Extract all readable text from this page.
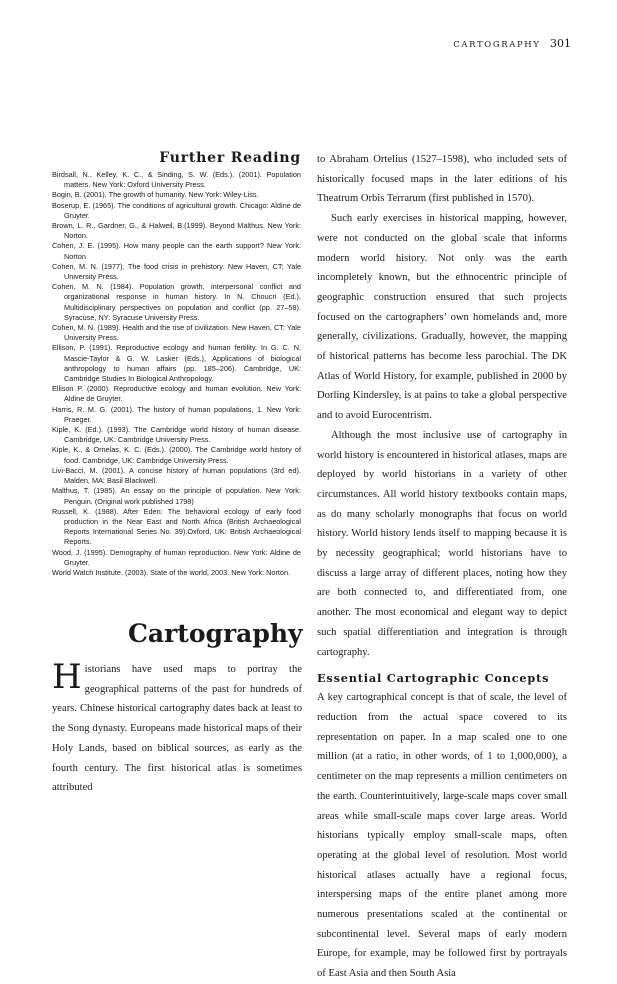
CARTOGRAPHY 301
Further Reading

Birdsall, N., Kelley, K. C., & Sinding, S. W. (Eds.). (2001). Population matters. New York: Oxford University Press.

Bogin, B. (2001). The growth of humanity. New York: Wiley-Liss.

Boserup, E. (1965). The conditions of agricultural growth. Chicago: Aldine de Gruyter.

Brown, L. R., Gardner, G., & Halweil, B.(1999). Beyond Malthus. New York: Norton.

Cohen, J. E. (1995). How many people can the earth support? New York: Norton

Cohen, M. N. (1977). The food crisis in prehistory. New Haven, CT: Yale University Press.

Cohen, M. N. (1984). Population growth, interpersonal conflict and organizational response in human history. In N. Choucri (Ed.), Multidisciplinary perspectives on population and conflict (pp. 27–58). Syracuse, NY: Syracuse University Press.

Cohen, M. N. (1989). Health and the rise of civilization. New Haven, CT: Yale University Press.

Ellison, P. (1991). Reproductive ecology and human fertility. In G. C. N. Mascie-Taylor & G. W. Lasker (Eds.), Applications of biological anthropology to human affairs (pp. 185–206). Cambridge, UK: Cambridge Studies In Biological Anthropology.

Ellison P. (2000). Reproductive ecology and human evolution. New York: Aldine de Gruyter.

Harris, R. M. G. (2001). The history of human populations, 1. New York: Praeger.

Kiple, K. (Ed.). (1993). The Cambridge world history of human disease. Cambridge, UK: Cambridge University Press.

Kiple, K., & Ornelas, K. C. (Eds.). (2000). The Cambridge world history of food. Cambridge, UK: Cambridge University Press.

Livi-Bacci, M. (2001). A concise history of human populations (3rd ed). Malden, MA: Basil Blackwell.

Malthus, T. (1985). An essay on the principle of population. New York: Penguin. (Original work published 1798)

Russell, K. (1988). After Eden: The behavioral ecology of early food production in the Near East and North Africa (British Archaeological Reports International Series No. 39).Oxford, UK: British Archaeological Reports.

Wood, J. (1995). Demography of human reproduction. New York: Aldine de Gruyter.

World Watch Institute. (2003). State of the world, 2003. New York: Norton.

Cartography

Historians have used maps to portray the geographical patterns of the past for hundreds of years. Chinese historical cartography dates back at least to the Song dynasty. Europeans made historical maps of their Holy Lands, based on biblical sources, as early as the fourth century. The first historical atlas is sometimes attributed

to Abraham Ortelius (1527–1598), who included sets of historically focused maps in the later editions of his Theatrum Orbis Terrarum (first published in 1570).

Such early exercises in historical mapping, however, were not conducted on the global scale that informs modern world history. Not only was the earth incompletely known, but the ethnocentric principle of geographic construction ensured that such projects focused on the cartographers’ own homelands and, more generally, civilizations. Gradually, however, the mapping of historical patterns has become less parochial. The DK Atlas of World History, for example, published in 2000 by Dorling Kindersley, is at pains to take a global perspective and to avoid Eurocentrism.

Although the most inclusive use of cartography in world history is encountered in historical atlases, maps are deployed by world historians in a variety of other circumstances. All world history textbooks contain maps, as do many scholarly monographs that focus on world history. World history lends itself to mapping because it is by necessity geographical; world historians have to discuss a large array of different places, noting how they are both connected to, and differentiated from, one another. The most economical and elegant way to depict such spatial differentiation and integration is through cartography.

Essential Cartographic Concepts

A key cartographical concept is that of scale, the level of reduction from the actual space covered to its representation on paper. In a map scaled one to one million (at a ratio, in other words, of 1 to 1,000,000), a centimeter on the map represents a million centimeters on the earth. Counterintuitively, large-scale maps cover small areas while small-scale maps cover large areas. World historians typically employ small-scale maps, often operating at the global level of resolution. Most world historical atlases actually have a regional focus, interspersing maps of the entire planet among more numerous presentations scaled at the continental or subcontinental level. Several maps of early modern Europe, for example, may be followed first by portrayals of East Asia and then South Asia
